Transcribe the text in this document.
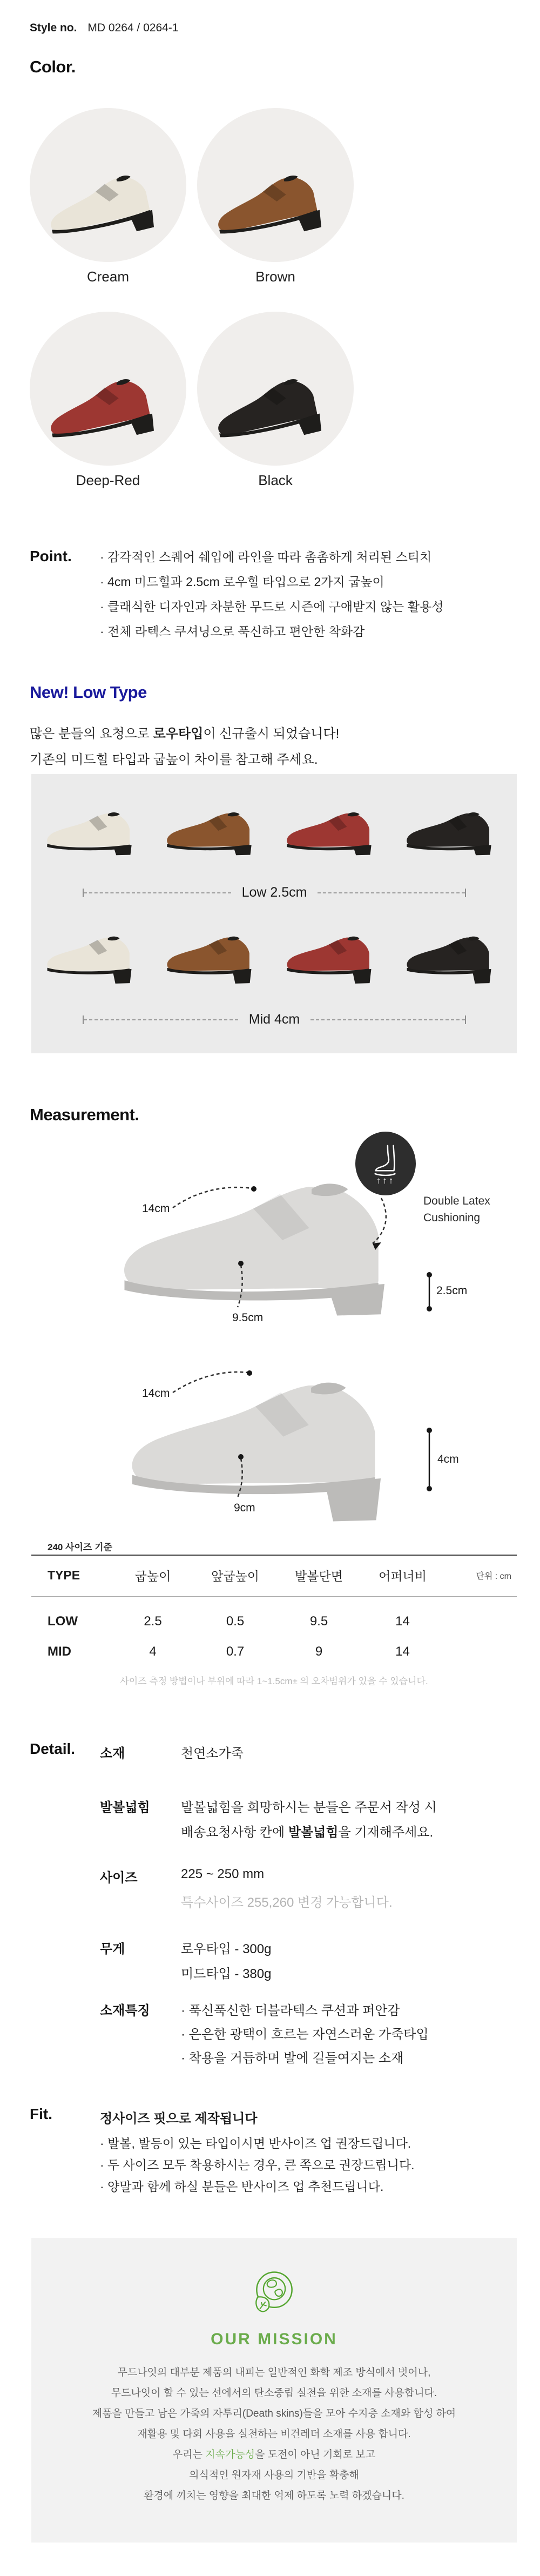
Style no. MD 0264 / 0264-1
Color.
Cream	Brown
Deep-Red	Black
Point. · 감각적인 스퀘어 쉐입에 라인을 따라 촘촘하게 처리된 스티치
· 4cm 미드힐과 2.5cm 로우힐 타입으로 2가지 굽높이
· 클래식한 디자인과 차분한 무드로 시즌에 구애받지 않는 활용성
· 전체 라텍스 쿠셔닝으로 푹신하고 편안한 착화감
New! Low Type
많은 분들의 요청으로 로우타입이 신규출시 되었습니다!
기존의 미드힐 타입과 굽높이 차이를 참고해 주세요.
Low 2.5cm
Mid 4cm
Measurement.
↑↑↑
Double Latex
Cushioning
14cm
9.5cm
2.5cm
14cm
9cm
4cm
240 사이즈 기준
TYPE	굽높이	앞굽높이	발볼단면	어퍼너비	단위 : cm
LOW	2.5	0.5	9.5	14
MID	4	0.7	9	14
사이즈 측정 방법이나 부위에 따라 1~1.5cm± 의 오차범위가 있을 수 있습니다.
Detail. 소재	천연소가죽
발볼넓힘 발볼넓힘을 희망하시는 분들은 주문서 작성 시
배송요청사항 칸에 발볼넓힘을 기재해주세요.
사이즈	225 ~ 250 mm
특수사이즈 255,260 변경 가능합니다.
무게	로우타입 - 300g
미드타입 - 380g
소재특징 · 푹신푹신한 더블라텍스 쿠션과 퍼안감
· 은은한 광택이 흐르는 자연스러운 가죽타입
· 착용을 거듭하며 발에 길들여지는 소재
Fit.	정사이즈 핏으로 제작됩니다
· 발볼, 발등이 있는 타입이시면 반사이즈 업 권장드립니다.
· 두 사이즈 모두 착용하시는 경우, 큰 쪽으로 권장드립니다.
· 양말과 함께 하실 분들은 반사이즈 업 추천드립니다.
OUR MISSION
무드나잇의 대부분 제품의 내피는 일반적인 화학 제조 방식에서 벗어나,
무드나잇이 할 수 있는 선에서의 탄소중립 실천을 위한 소재를 사용합니다.
제품을 만들고 남은 가죽의 자투리(Death skins)들을 모아 수지층 소재와 합성 하여
재활용 및 다회 사용을 실천하는 비건레더 소재를 사용 합니다.
우리는 지속가능성을 도전이 아닌 기회로 보고
의식적인 원자재 사용의 기반을 확충해
환경에 끼치는 영향을 최대한 억제 하도록 노력 하겠습니다.
